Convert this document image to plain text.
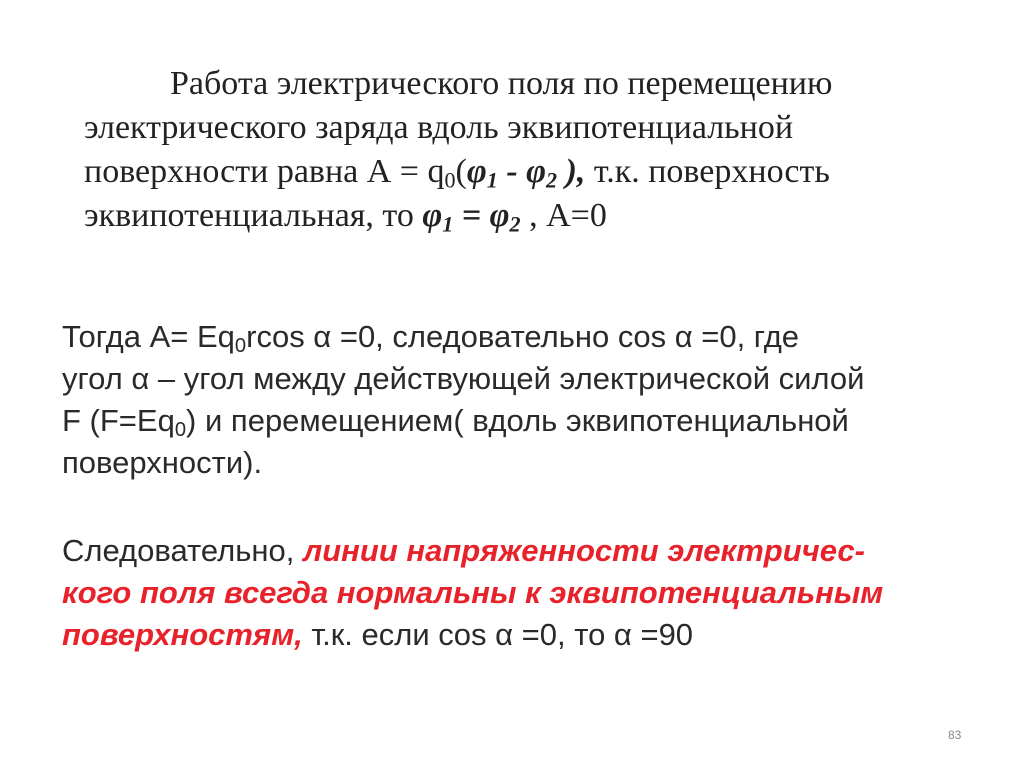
Работа электрического поля по перемещению
электрического заряда вдоль эквипотенциальной
поверхности равна $А = q_0(\varphi_1 - \varphi_2$ ), т.к. поверхность
эквипотенциальная, то $\varphi_1 = \varphi_2$ , А=0
Тогда $А= Eq_0rcos$ α =0, следовательно cos α =0, где
угол α – угол между действующей электрической силой
F $(F=Eq_0)$ и перемещением( вдоль эквипотенциальной
поверхности).
Следовательно, линии напряженности электричес-
кого поля всегда нормальны к эквипотенциальным
поверхностям, т.к. если cos α =0, то α =90
83
